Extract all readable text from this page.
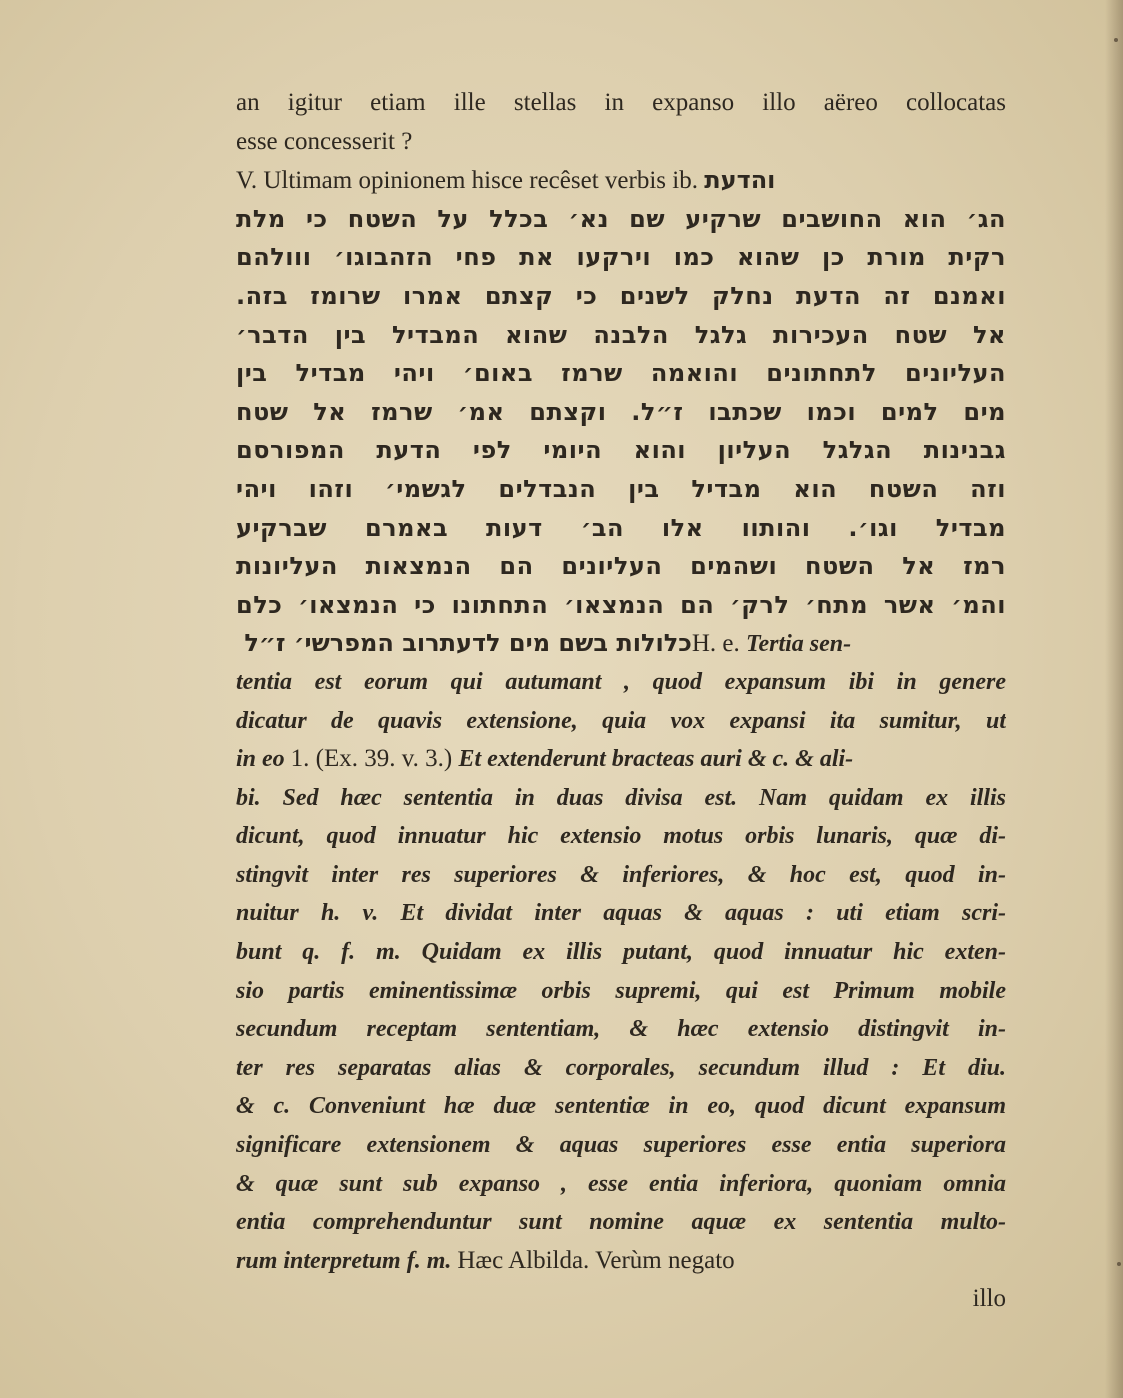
an igitur etiam ille stellas in expanso illo aëreo collocatas
esse concesserit ?
V. Ultimam opinionem hisce recêset verbis ib. והדעת
הג׳ הוא החושבים שרקיע שם נא׳ בכלל על השטח כי מלת
רקית מורת כן שהוא כמו וירקעו את פחי הזהבוגו׳ ווולהם
ואמנם זה הדעת נחלק לשנים כי קצתם אמרו שרומז בזה.
אל שטח העכירות גלגל הלבנה שהוא המבדיל בין הדבר׳
העליונים לתחתונים והואמה שרמז באום׳ ויהי מבדיל בין
מים למים וכמו שכתבו ז״ל. וקצתם אמ׳ שרמז אל שטח
גבנינות הגלגל העליון והוא היומי לפי הדעת המפורסם
וזה השטח הוא מבדיל בין הנבדלים לגשמי׳ וזהו ויהי
מבדיל וגו׳. והותוו אלו הב׳ דעות באמרם שברקיע
רמז אל השטח ושהמים העליונים הם הנמצאות העליונות
והמ׳ אשר מתח׳ לרק׳ הם הנמצאו׳ התחתונו כי הנמצאו׳ כלם
כלולות בשם מים לדעתרוב המפרשי׳ ז״ל H. e. Tertia sen-
tentia est eorum qui autumant , quod expansum ibi in genere
dicatur de quavis extensione, quia vox expansi ita sumitur, ut
in eo 1. (Ex. 39. v. 3.) Et extenderunt bracteas auri & c. & ali-
bi. Sed hæc sententia in duas divisa est. Nam quidam ex illis
dicunt, quod innuatur hic extensio motus orbis lunaris, quæ di-
stingvit inter res superiores & inferiores, & hoc est, quod in-
nuitur h. v. Et dividat inter aquas & aquas : uti etiam scri-
bunt q. f. m. Quidam ex illis putant, quod innuatur hic exten-
sio partis eminentissimæ orbis supremi, qui est Primum mobile
secundum receptam sententiam, & hæc extensio distingvit in-
ter res separatas alias & corporales, secundum illud : Et diu.
& c. Conveniunt hæ duæ sententiæ in eo, quod dicunt expansum
significare extensionem & aquas superiores esse entia superiora
& quæ sunt sub expanso , esse entia inferiora, quoniam omnia
entia comprehenduntur sunt nomine aquæ ex sententia multo-
rum interpretum f. m. Hæc Albilda. Verùm negato
illo
